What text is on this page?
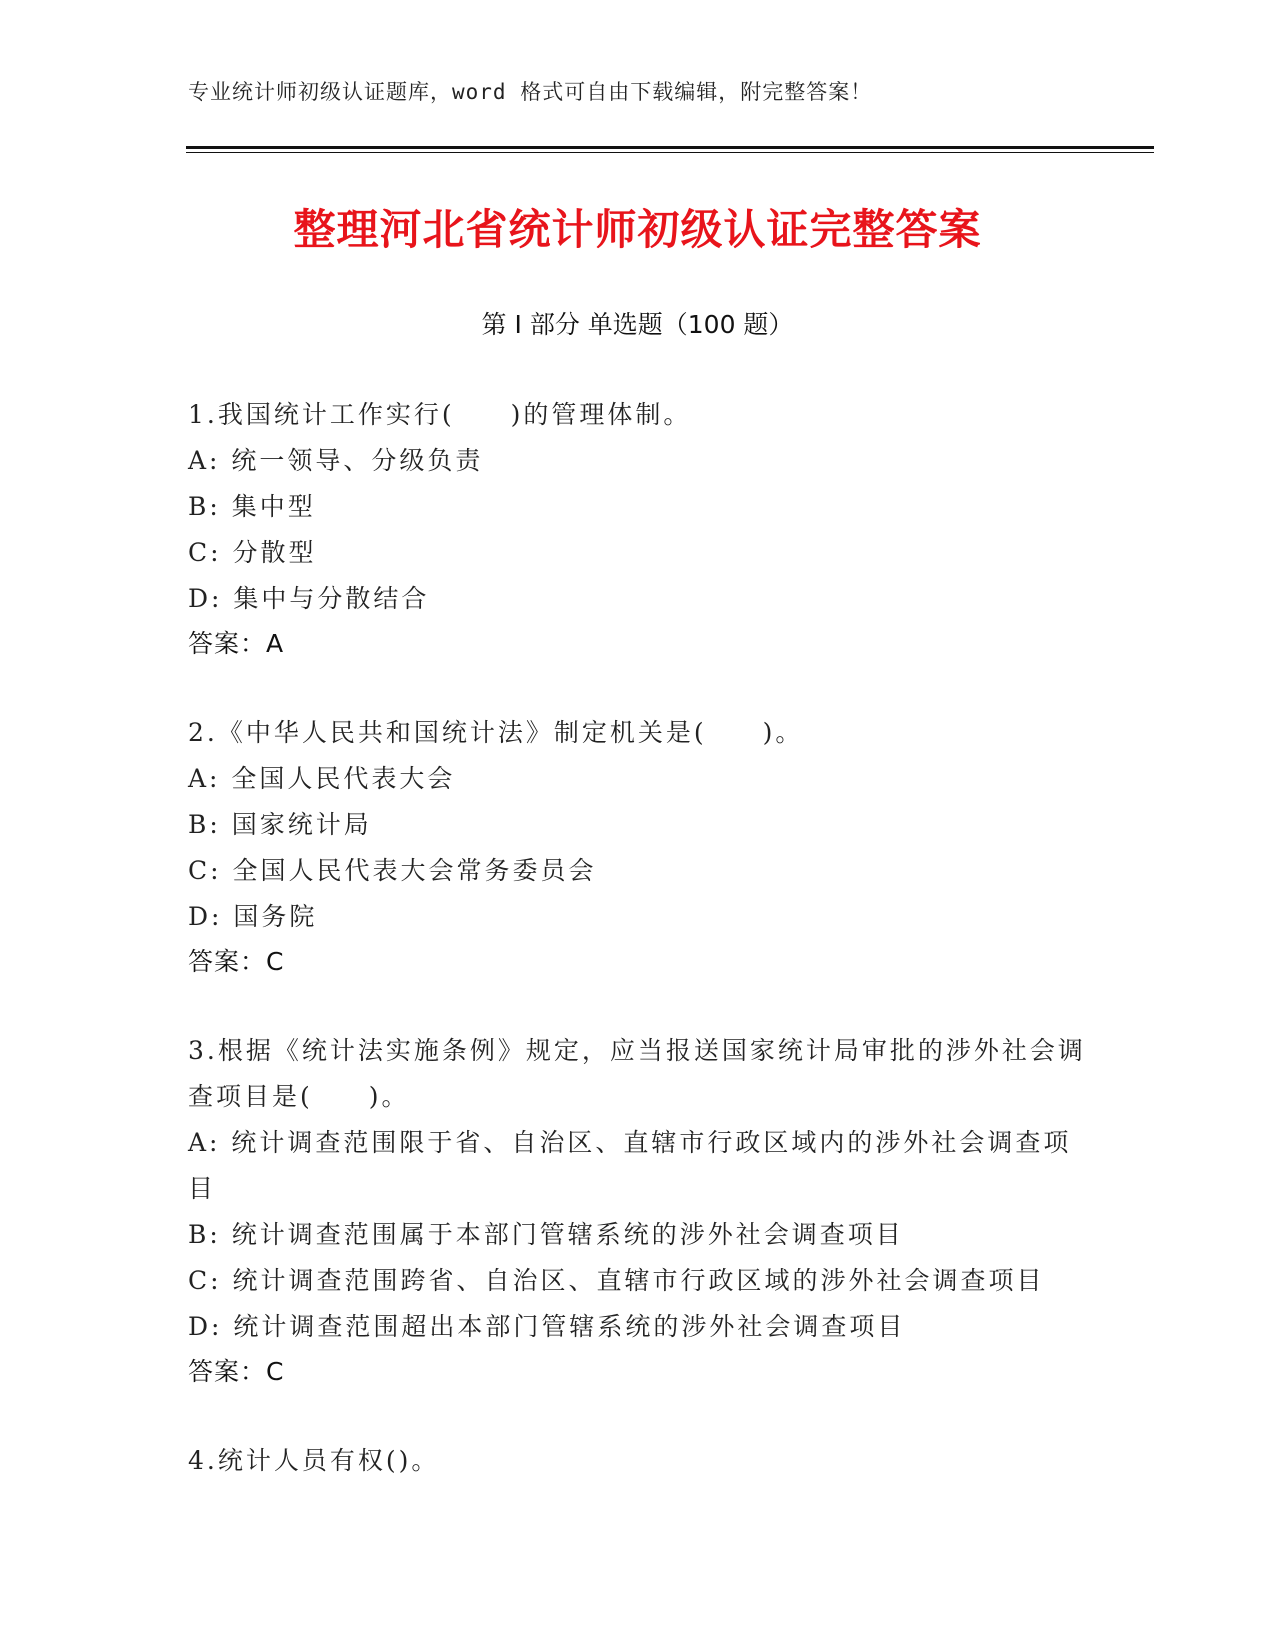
专业统计师初级认证题库，word 格式可自由下载编辑，附完整答案！
整理河北省统计师初级认证完整答案
第 I 部分 单选题（100 题）
1.我国统计工作实行(　　)的管理体制。
A: 统一领导、分级负责
B: 集中型
C: 分散型
D: 集中与分散结合
答案：A
2.《中华人民共和国统计法》制定机关是(　　)。
A: 全国人民代表大会
B: 国家统计局
C: 全国人民代表大会常务委员会
D: 国务院
答案：C
3.根据《统计法实施条例》规定，应当报送国家统计局审批的涉外社会调查项目是(　　)。
A: 统计调查范围限于省、自治区、直辖市行政区域内的涉外社会调查项目
B: 统计调查范围属于本部门管辖系统的涉外社会调查项目
C: 统计调查范围跨省、自治区、直辖市行政区域的涉外社会调查项目
D: 统计调查范围超出本部门管辖系统的涉外社会调查项目
答案：C
4.统计人员有权()。
